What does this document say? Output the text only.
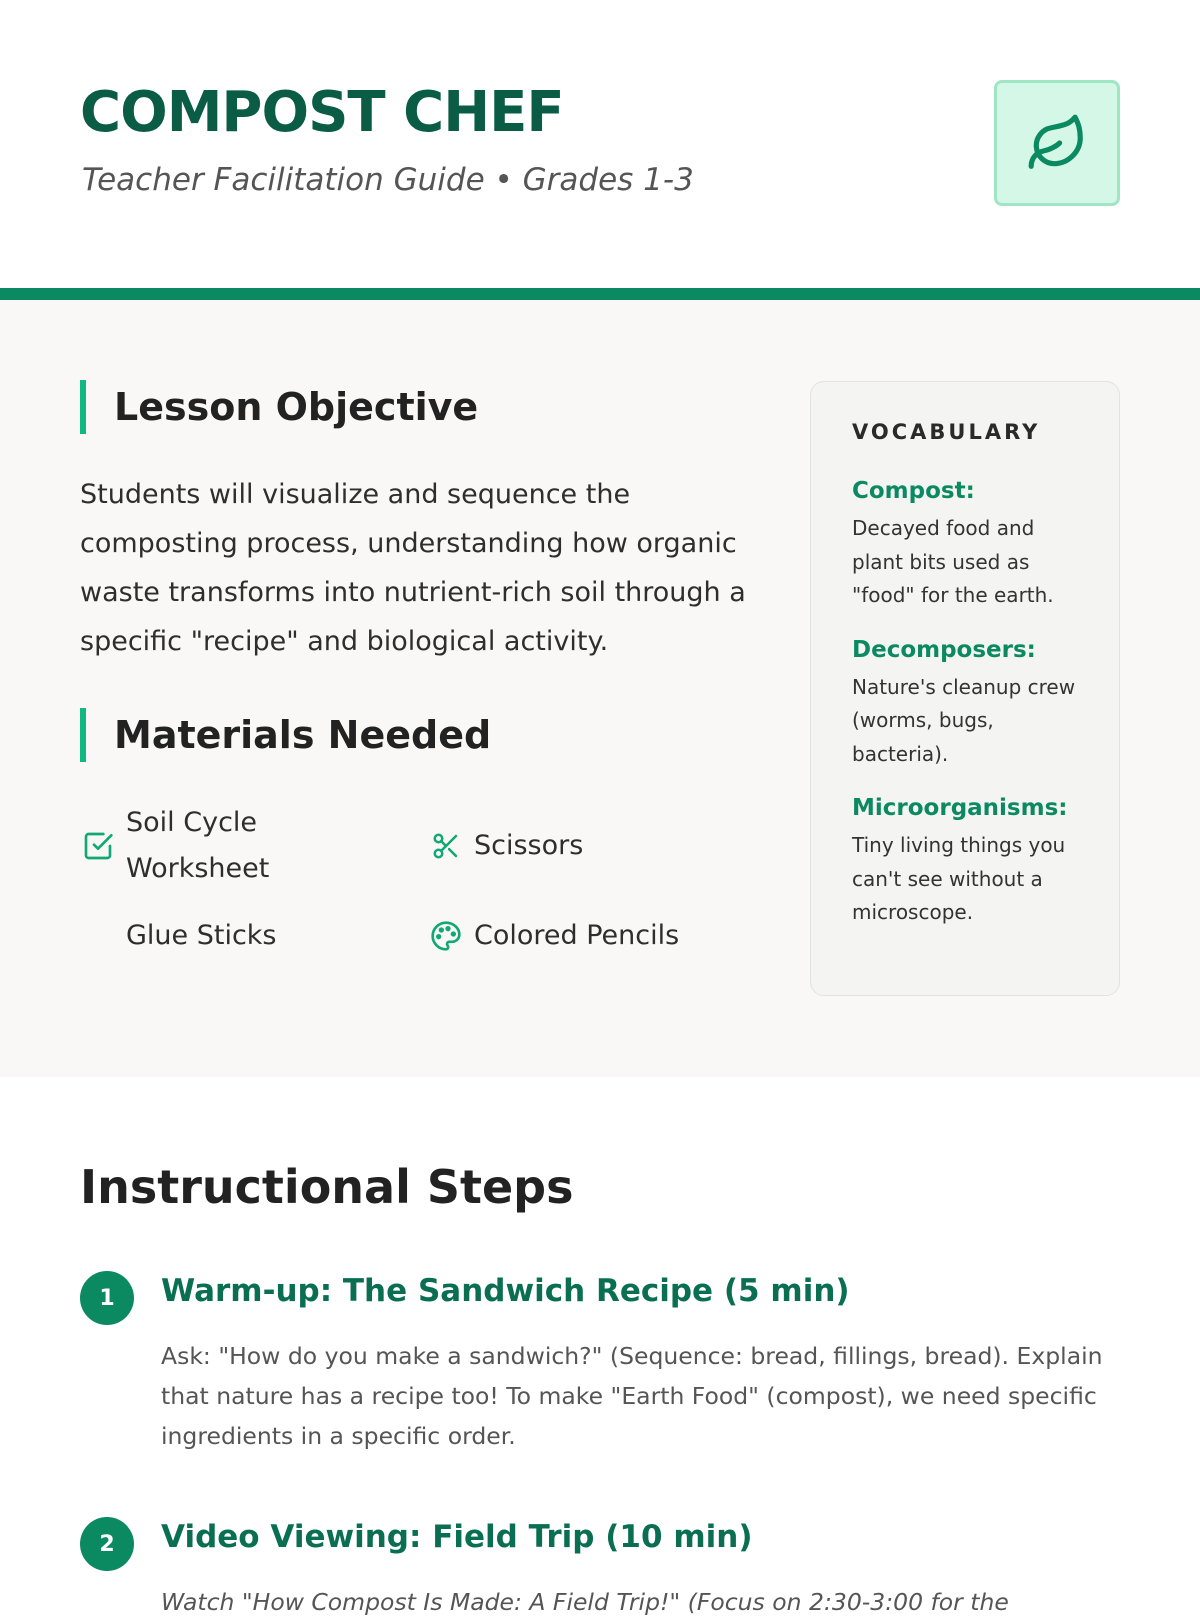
COMPOST CHEF
Teacher Facilitation Guide • Grades 1-3
Lesson Objective

Students will visualize and sequence the composting process, understanding how organic waste transforms into nutrient-rich soil through a specific "recipe" and biological activity.

Materials Needed
Soil Cycle Worksheet
Scissors
Glue Sticks	Colored Pencils
VOCABULARY
Compost:
Decayed food and plant bits used as "food" for the earth.
Decomposers:
Nature's cleanup crew (worms, bugs, bacteria).
Microorganisms:
Tiny living things you can't see without a microscope.
Instructional Steps
1	Warm-up: The Sandwich Recipe (5 min)

Ask: "How do you make a sandwich?" (Sequence: bread, fillings, bread). Explain that nature has a recipe too! To make "Earth Food" (compost), we need specific ingredients in a specific order.

2	Video Viewing: Field Trip (10 min)

Watch "How Compost Is Made: A Field Trip!" (Focus on 2:30-3:00 for the
